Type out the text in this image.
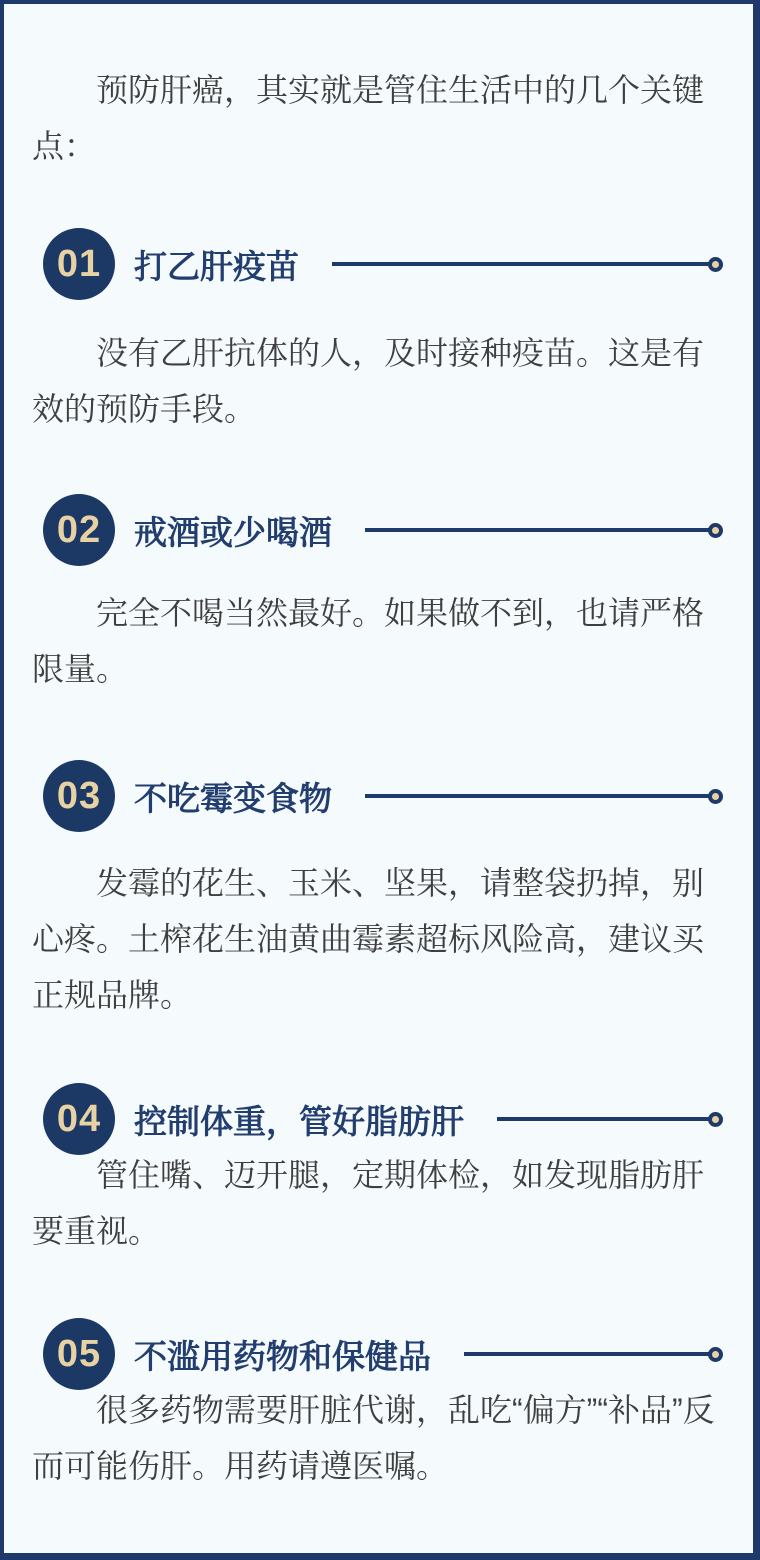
预防肝癌，其实就是管住生活中的几个关键点：

01 打乙肝疫苗

没有乙肝抗体的人，及时接种疫苗。这是有效的预防手段。

02 戒酒或少喝酒

完全不喝当然最好。如果做不到，也请严格限量。

03 不吃霉变食物

发霉的花生、玉米、坚果，请整袋扔掉，别心疼。土榨花生油黄曲霉素超标风险高，建议买正规品牌。

04 控制体重，管好脂肪肝

管住嘴、迈开腿，定期体检，如发现脂肪肝要重视。

05 不滥用药物和保健品

很多药物需要肝脏代谢，乱吃“偏方”“补品”反而可能伤肝。用药请遵医嘱。
